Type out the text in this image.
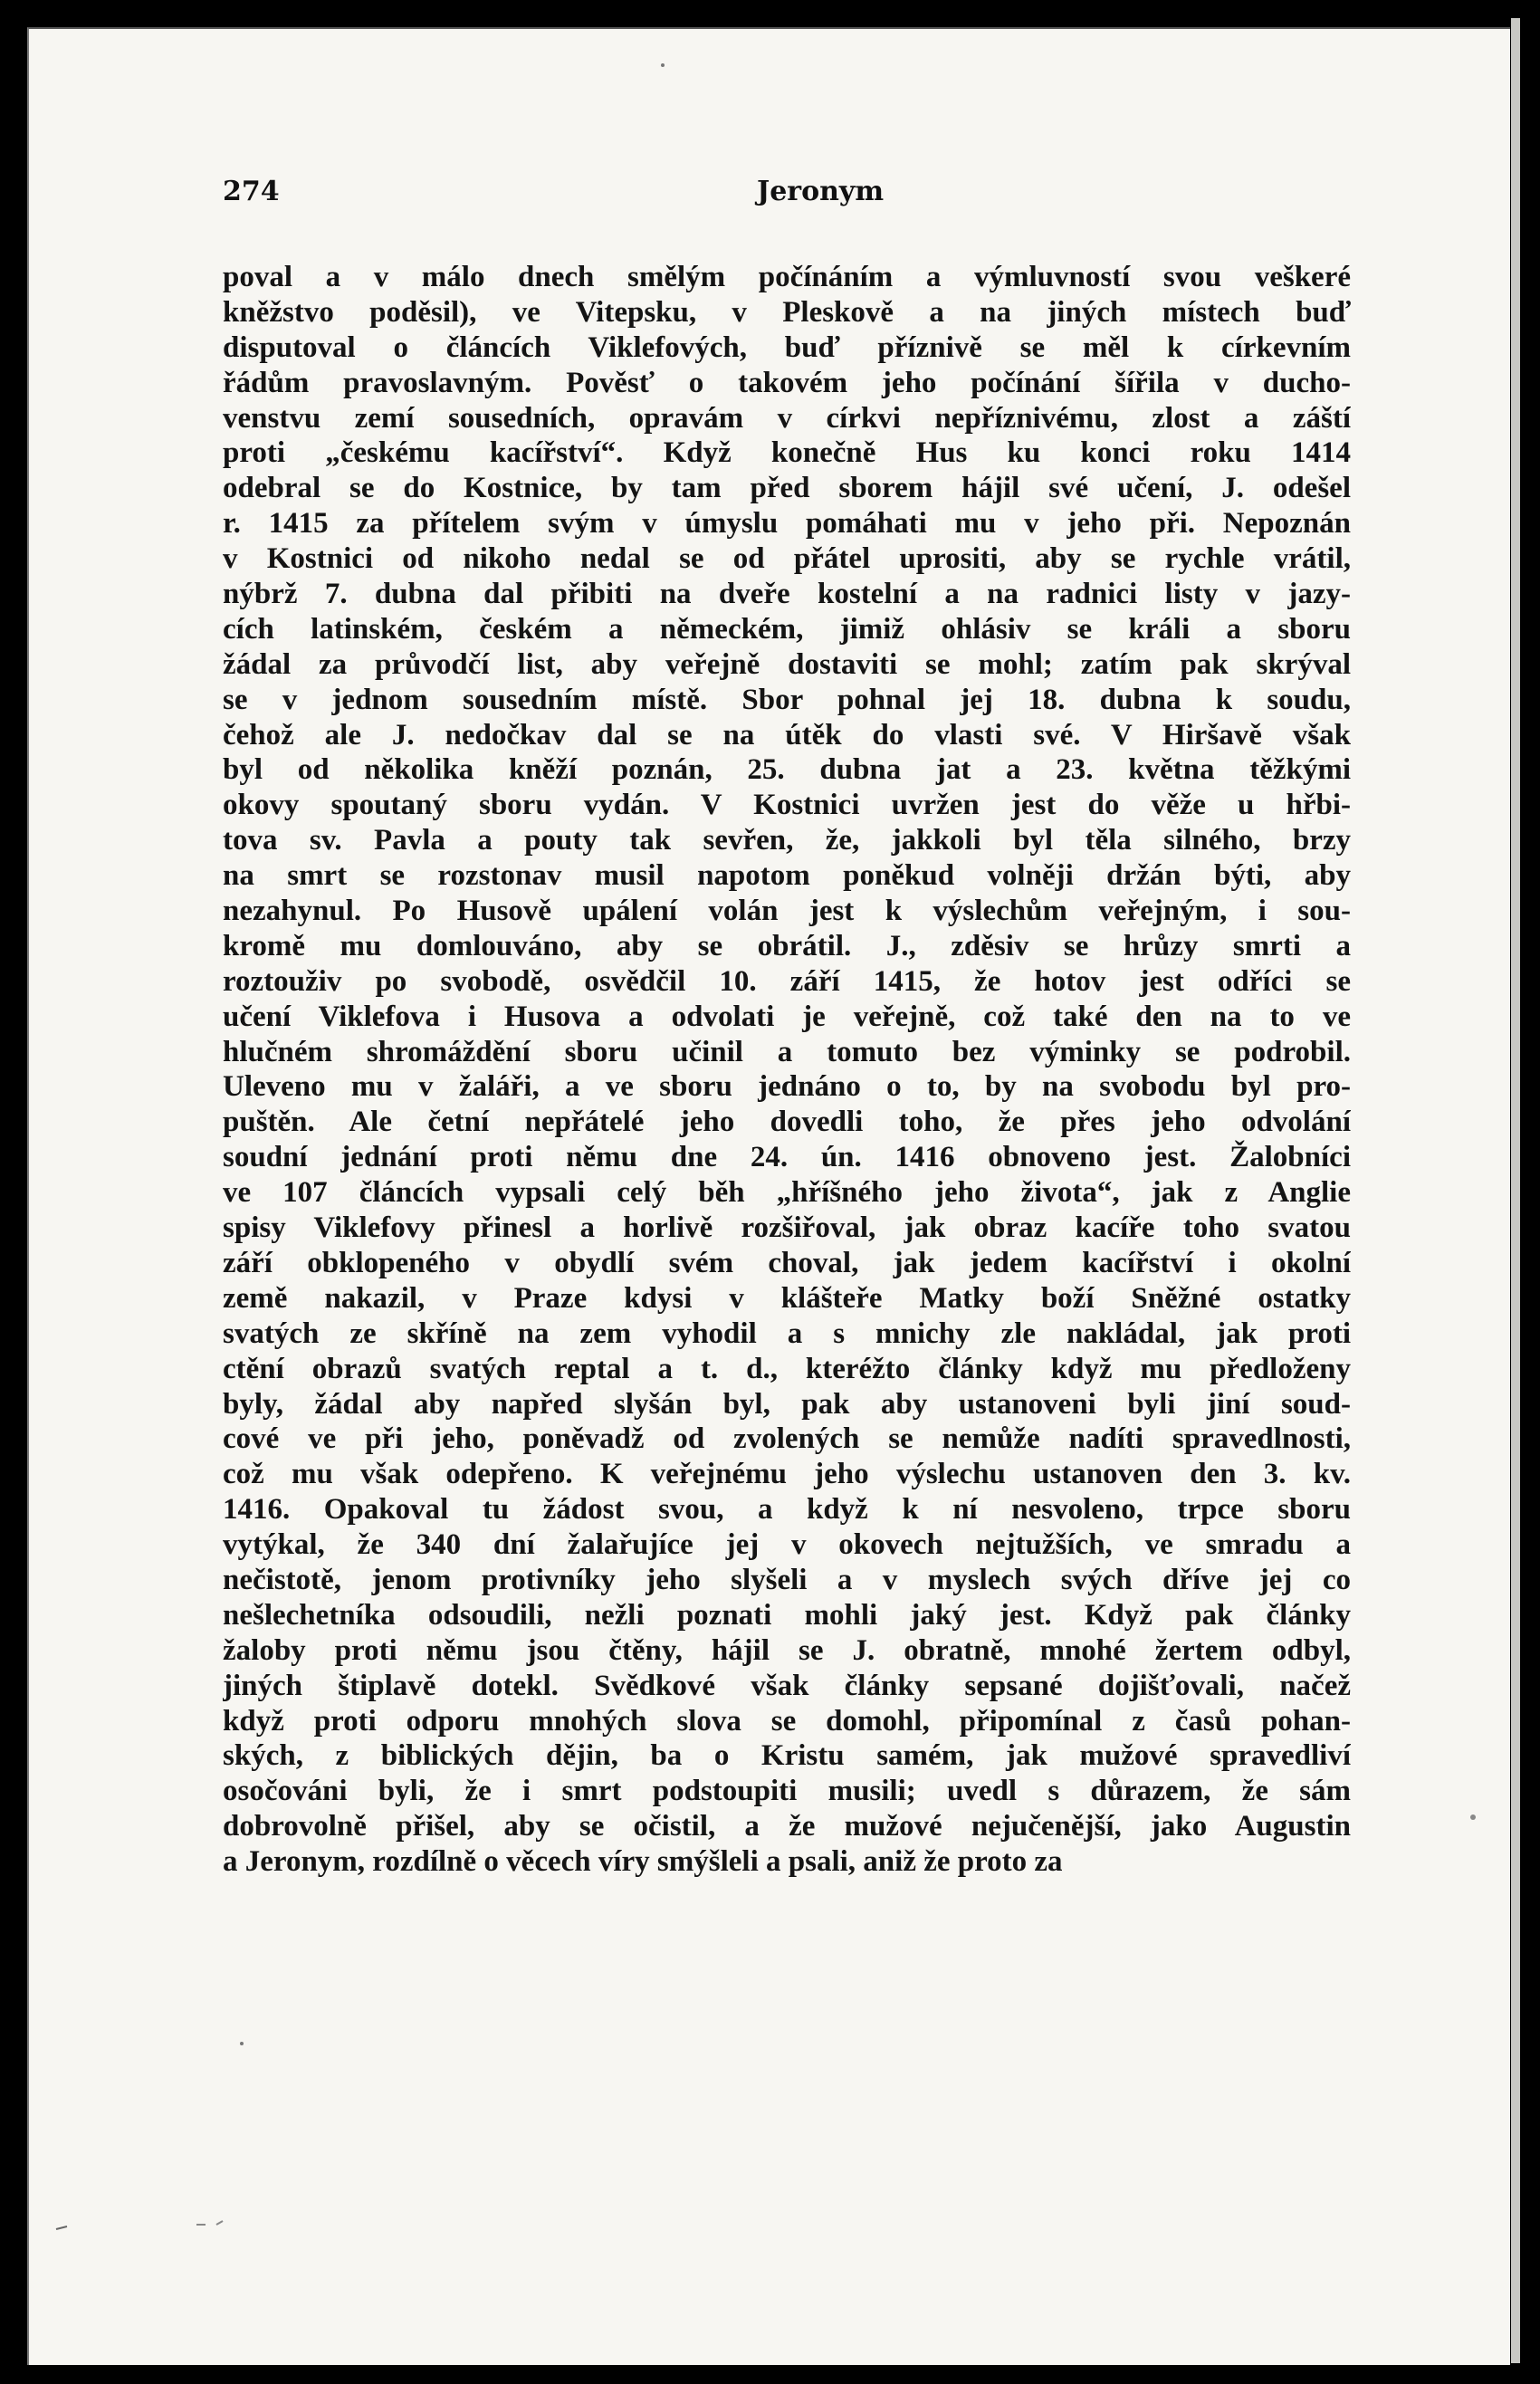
274	Jeronym
poval a v málo dnech smělým počínáním a výmluvností svou veškeré
kněžstvo poděsil), ve Vitepsku, v Pleskově a na jiných místech buď
disputoval o článcích Viklefových, buď příznivě se měl k církevním
řádům pravoslavným. Pověsť o takovém jeho počínání šířila v ducho-
venstvu zemí sousedních, opravám v církvi nepříznivému, zlost a záští
proti „českému kacířství“. Když konečně Hus ku konci roku 1414
odebral se do Kostnice, by tam před sborem hájil své učení, J. odešel
r. 1415 za přítelem svým v úmyslu pomáhati mu v jeho při. Nepoznán
v Kostnici od nikoho nedal se od přátel uprositi, aby se rychle vrátil,
nýbrž 7. dubna dal přibiti na dveře kostelní a na radnici listy v jazy-
cích latinském, českém a německém, jimiž ohlásiv se králi a sboru
žádal za průvodčí list, aby veřejně dostaviti se mohl; zatím pak skrýval
se v jednom sousedním místě. Sbor pohnal jej 18. dubna k soudu,
čehož ale J. nedočkav dal se na útěk do vlasti své. V Hiršavě však
byl od několika kněží poznán, 25. dubna jat a 23. května těžkými
okovy spoutaný sboru vydán. V Kostnici uvržen jest do věže u hřbi-
tova sv. Pavla a pouty tak sevřen, že, jakkoli byl těla silného, brzy
na smrt se rozstonav musil napotom poněkud volněji držán býti, aby
nezahynul. Po Husově upálení volán jest k výslechům veřejným, i sou-
kromě mu domlouváno, aby se obrátil. J., zděsiv se hrůzy smrti a
roztouživ po svobodě, osvědčil 10. září 1415, že hotov jest odříci se
učení Viklefova i Husova a odvolati je veřejně, což také den na to ve
hlučném shromáždění sboru učinil a tomuto bez výminky se podrobil.
Uleveno mu v žaláři, a ve sboru jednáno o to, by na svobodu byl pro-
puštěn. Ale četní nepřátelé jeho dovedli toho, že přes jeho odvolání
soudní jednání proti němu dne 24. ún. 1416 obnoveno jest. Žalobníci
ve 107 článcích vypsali celý běh „hříšného jeho života“, jak z Anglie
spisy Viklefovy přinesl a horlivě rozšiřoval, jak obraz kacíře toho svatou
září obklopeného v obydlí svém choval, jak jedem kacířství i okolní
země nakazil, v Praze kdysi v klášteře Matky boží Sněžné ostatky
svatých ze skříně na zem vyhodil a s mnichy zle nakládal, jak proti
ctění obrazů svatých reptal a t. d., kteréžto články když mu předloženy
byly, žádal aby napřed slyšán byl, pak aby ustanoveni byli jiní soud-
cové ve při jeho, poněvadž od zvolených se nemůže nadíti spravedlnosti,
což mu však odepřeno. K veřejnému jeho výslechu ustanoven den 3. kv.
1416. Opakoval tu žádost svou, a když k ní nesvoleno, trpce sboru
vytýkal, že 340 dní žalařujíce jej v okovech nejtužších, ve smradu a
nečistotě, jenom protivníky jeho slyšeli a v myslech svých dříve jej co
nešlechetníka odsoudili, nežli poznati mohli jaký jest. Když pak články
žaloby proti němu jsou čtěny, hájil se J. obratně, mnohé žertem odbyl,
jiných štiplavě dotekl. Svědkové však články sepsané dojišťovali, načež
když proti odporu mnohých slova se domohl, připomínal z časů pohan-
ských, z biblických dějin, ba o Kristu samém, jak mužové spravedliví
osočováni byli, že i smrt podstoupiti musili; uvedl s důrazem, že sám
dobrovolně přišel, aby se očistil, a že mužové nejučenější, jako Augustin
a Jeronym, rozdílně o věcech víry smýšleli a psali, aniž že proto za
